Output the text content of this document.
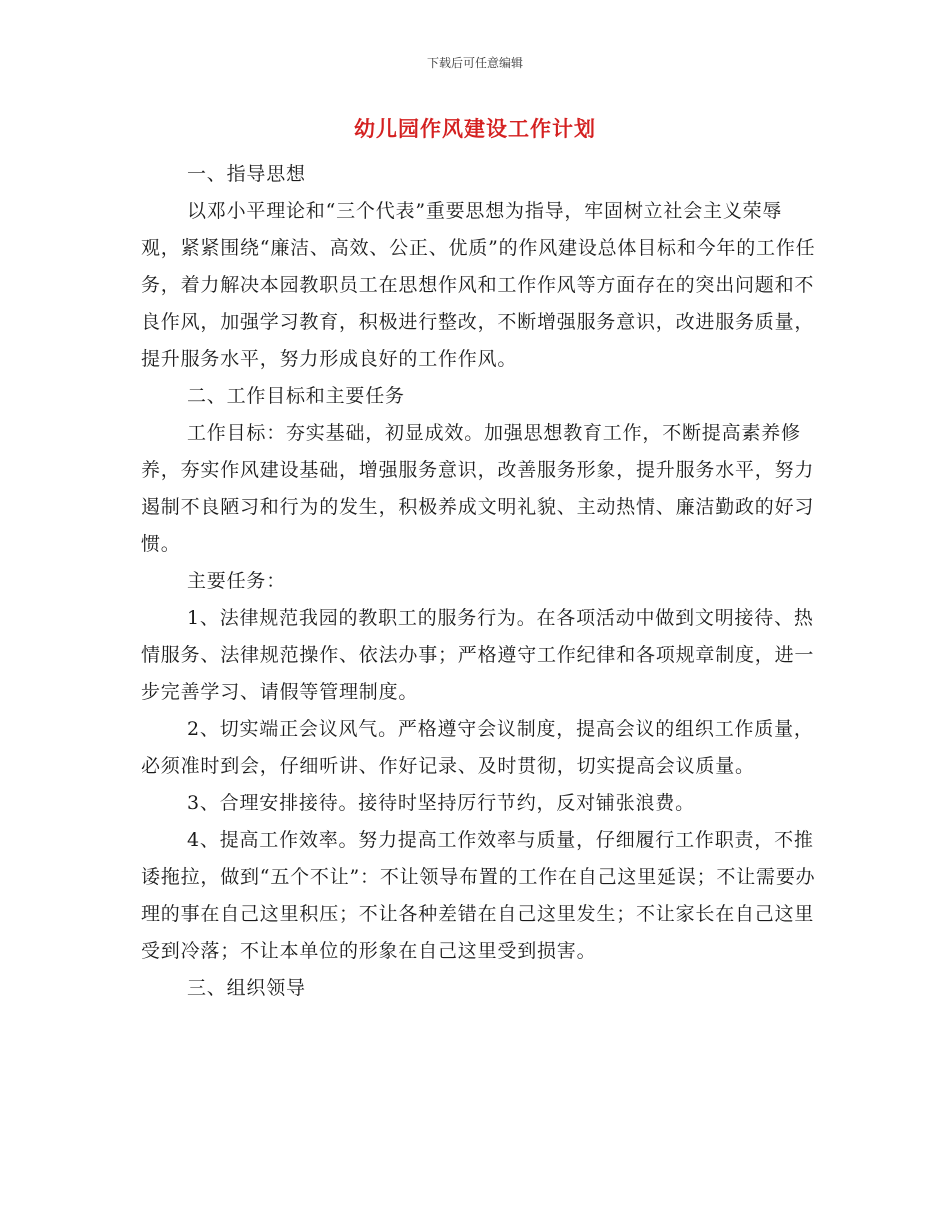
下载后可任意编辑
幼儿园作风建设工作计划

一、指导思想

以邓小平理论和“三个代表”重要思想为指导，牢固树立社会主义荣辱观，紧紧围绕“廉洁、高效、公正、优质”的作风建设总体目标和今年的工作任务，着力解决本园教职员工在思想作风和工作作风等方面存在的突出问题和不良作风，加强学习教育，积极进行整改，不断增强服务意识，改进服务质量，提升服务水平，努力形成良好的工作作风。

二、工作目标和主要任务

工作目标：夯实基础，初显成效。加强思想教育工作，不断提高素养修养，夯实作风建设基础，增强服务意识，改善服务形象，提升服务水平，努力遏制不良陋习和行为的发生，积极养成文明礼貌、主动热情、廉洁勤政的好习惯。

主要任务：

1、法律规范我园的教职工的服务行为。在各项活动中做到文明接待、热情服务、法律规范操作、依法办事；严格遵守工作纪律和各项规章制度，进一步完善学习、请假等管理制度。

2、切实端正会议风气。严格遵守会议制度，提高会议的组织工作质量，必须准时到会，仔细听讲、作好记录、及时贯彻，切实提高会议质量。

3、合理安排接待。接待时坚持厉行节约，反对铺张浪费。

4、提高工作效率。努力提高工作效率与质量，仔细履行工作职责，不推诿拖拉，做到“五个不让”：不让领导布置的工作在自己这里延误；不让需要办理的事在自己这里积压；不让各种差错在自己这里发生；不让家长在自己这里受到冷落；不让本单位的形象在自己这里受到损害。

三、组织领导
